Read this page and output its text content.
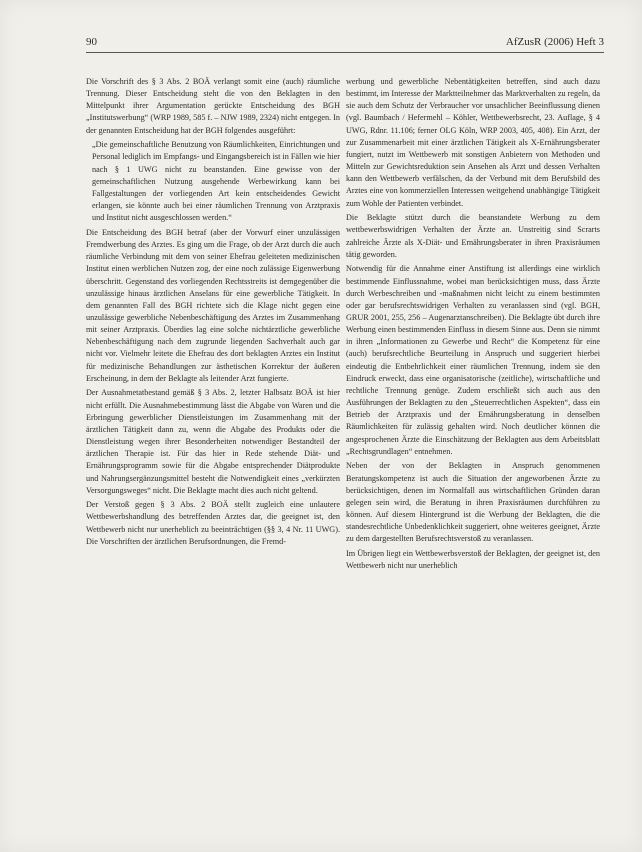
90	AfZusR (2006) Heft 3

Die Vorschrift des § 3 Abs. 2 BOÄ verlangt somit eine (auch) räumliche Trennung. Dieser Entscheidung steht die von den Beklagten in den Mittelpunkt ihrer Argumentation gerückte Entscheidung des BGH „Institutswerbung“ (WRP 1989, 585 f. – NJW 1989, 2324) nicht entgegen. In der genannten Entscheidung hat der BGH folgendes ausgeführt:

„Die gemeinschaftliche Benutzung von Räumlichkeiten, Einrichtungen und Personal lediglich im Empfangs- und Eingangsbereich ist in Fällen wie hier nach § 1 UWG nicht zu beanstanden. Eine gewisse von der gemeinschaftlichen Nutzung ausgehende Werbewirkung kann bei Fallgestaltungen der vorliegenden Art kein entscheidendes Gewicht erlangen, sie könnte auch bei einer räumlichen Trennung von Arztpraxis und Institut nicht ausgeschlossen werden.“

Die Entscheidung des BGH betraf (aber der Vorwurf einer unzulässigen Fremdwerbung des Arztes. Es ging um die Frage, ob der Arzt durch die auch räumliche Verbindung mit dem von seiner Ehefrau geleiteten medizinischen Institut einen werblichen Nutzen zog, der eine noch zulässige Eigenwerbung überschritt. Gegenstand des vorliegenden Rechtsstreits ist demgegenüber die unzulässige hinaus ärztlichen Anselans für eine gewerbliche Tätigkeit. In dem genannten Fall des BGH richtete sich die Klage nicht gegen eine unzulässige gewerbliche Nebenbeschäftigung des Arztes im Zusammenhang mit seiner Arztpraxis. Überdies lag eine solche nichtärztliche gewerbliche Nebenbeschäftigung nach dem zugrunde liegenden Sachverhalt auch gar nicht vor. Vielmehr leitete die Ehefrau des dort beklagten Arztes ein Institut für medizinische Behandlungen zur ästhetischen Korrektur der äußeren Erscheinung, in dem der Beklagte als leitender Arzt fungierte.

Der Ausnahmetatbestand gemäß § 3 Abs. 2, letzter Halbsatz BOÄ ist hier nicht erfüllt. Die Ausnahmebestimmung lässt die Abgabe von Waren und die Erbringung gewerblicher Dienstleistungen im Zusammenhang mit der ärztlichen Tätigkeit dann zu, wenn die Abgabe des Produkts oder die Dienstleistung wegen ihrer Besonderheiten notwendiger Bestandteil der ärztlichen Therapie ist. Für das hier in Rede stehende Diät- und Ernährungsprogramm sowie für die Abgabe entsprechender Diätprodukte und Nahrungsergänzungsmittel besteht die Notwendigkeit eines „verkürzten Versorgungsweges“ nicht. Die Beklagte macht dies auch nicht geltend.

Der Verstoß gegen § 3 Abs. 2 BOÄ stellt zugleich eine unlautere Wettbewerbshandlung des betreffenden Arztes dar, die geeignet ist, den Wettbewerb nicht nur unerheblich zu beeinträchtigen (§§ 3, 4 Nr. 11 UWG). Die Vorschriften der ärztlichen Berufsordnungen, die Fremd-

werbung und gewerbliche Nebentätigkeiten betreffen, sind auch dazu bestimmt, im Interesse der Marktteilnehmer das Marktverhalten zu regeln, da sie auch dem Schutz der Verbraucher vor unsachlicher Beeinflussung dienen (vgl. Baumbach / Hefermehl – Köhler, Wettbewerbsrecht, 23. Auflage, § 4 UWG, Rdnr. 11.106; ferner OLG Köln, WRP 2003, 405, 408). Ein Arzt, der zur Zusammenarbeit mit einer ärztlichen Tätigkeit als X-Ernährungsberater fungiert, nutzt im Wettbewerb mit sonstigen Anbietern von Methoden und Mitteln zur Gewichtsreduktion sein Ansehen als Arzt und dessen Verhalten kann den Wettbewerb verfälschen, da der Verbund mit dem Berufsbild des Arztes eine von kommerziellen Interessen weitgehend unabhängige Tätigkeit zum Wohle der Patienten verbindet.

Die Beklagte stützt durch die beanstandete Werbung zu dem wettbewerbswidrigen Verhalten der Ärzte an. Unstreitig sind Scrarts zahlreiche Ärzte als X-Diät- und Ernährungsberater in ihren Praxisräumen tätig geworden.

Notwendig für die Annahme einer Anstiftung ist allerdings eine wirklich bestimmende Einflussnahme, wobei man berücksichtigen muss, dass Ärzte durch Werbeschreiben und -maßnahmen nicht leicht zu einem bestimmten oder gar berufsrechtswidrigen Verhalten zu veranlassen sind (vgl. BGH, GRUR 2001, 255, 256 – Augenarztanschreiben). Die Beklagte übt durch ihre Werbung einen bestimmenden Einfluss in diesem Sinne aus. Denn sie nimmt in ihren „Informationen zu Gewerbe und Recht“ die Kompetenz für eine (auch) berufsrechtliche Beurteilung in Anspruch und suggeriert hierbei eindeutig die Entbehrlichkeit einer räumlichen Trennung, indem sie den Eindruck erweckt, dass eine organisatorische (zeitliche), wirtschaftliche und rechtliche Trennung genüge. Zudem erschließt sich auch aus den Ausführungen der Beklagten zu den „Steuerrechtlichen Aspekten“, dass ein Betrieb der Arztpraxis und der Ernährungsberatung in denselben Räumlichkeiten für zulässig gehalten wird. Noch deutlicher können die angesprochenen Ärzte die Einschätzung der Beklagten aus dem Arbeitsblatt „Rechtsgrundlagen“ entnehmen.

Neben der von der Beklagten in Anspruch genommenen Beratungskompetenz ist auch die Situation der angeworbenen Ärzte zu berücksichtigen, denen im Normalfall aus wirtschaftlichen Gründen daran gelegen sein wird, die Beratung in ihren Praxisräumen durchführen zu können. Auf diesem Hintergrund ist die Werbung der Beklagten, die die standesrechtliche Unbedenklichkeit suggeriert, ohne weiteres geeignet, Ärzte zu dem dargestellten Berufsrechtsverstoß zu veranlassen.

Im Übrigen liegt ein Wettbewerbsverstoß der Beklagten, der geeignet ist, den Wettbewerb nicht nur unerheblich
